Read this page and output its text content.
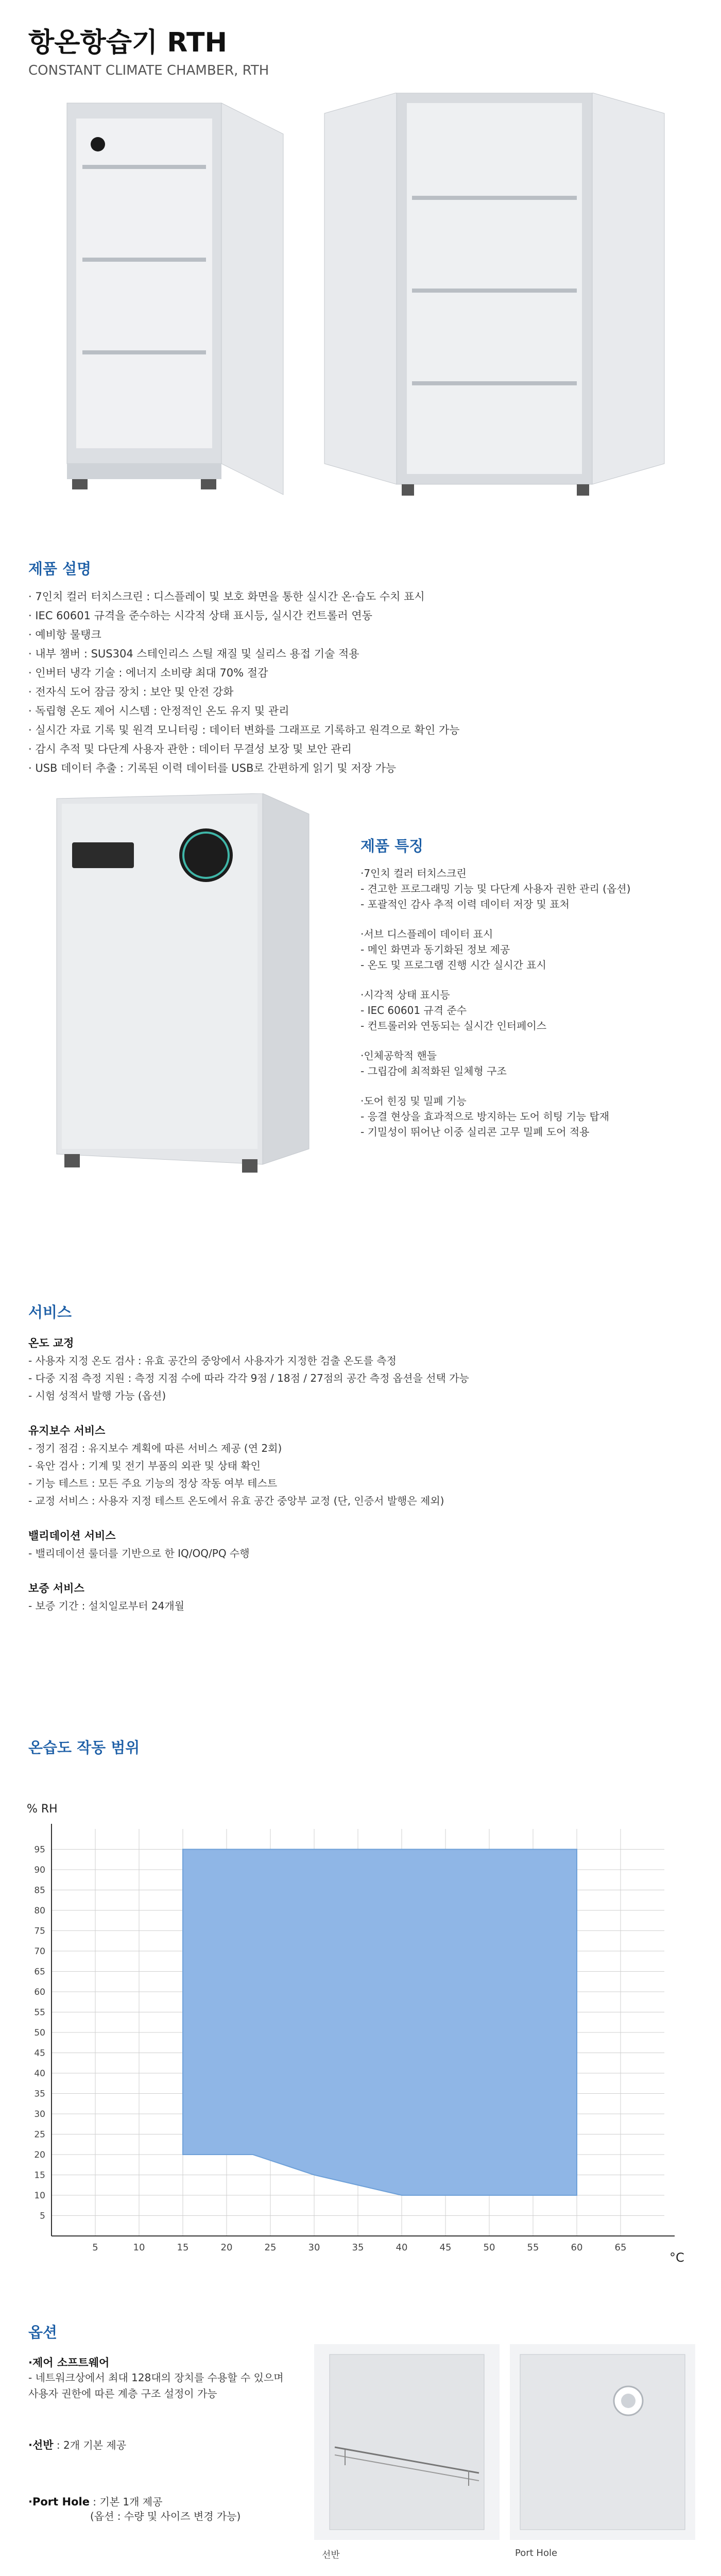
항온항습기 RTH
CONSTANT CLIMATE CHAMBER, RTH
제품 설명
· 7인치 컬러 터치스크린 : 디스플레이 및 보호 화면을 통한 실시간 온·습도 수치 표시
· IEC 60601 규격을 준수하는 시각적 상태 표시등, 실시간 컨트롤러 연동
· 예비항 물탱크
· 내부 챔버 : SUS304 스테인리스 스틸 재질 및 실리스 용접 기술 적용
· 인버터 냉각 기술 : 에너지 소비량 최대 70% 절감
· 전자식 도어 잠금 장치 : 보안 및 안전 강화
· 독립형 온도 제어 시스템 : 안정적인 온도 유지 및 관리
· 실시간 자료 기록 및 원격 모니터링 : 데이터 변화를 그래프로 기록하고 원격으로 확인 가능
· 감시 추적 및 다단계 사용자 관한 : 데이터 무결성 보장 및 보안 관리
· USB 데이터 추출 : 기록된 이력 데이터를 USB로 간편하게 읽기 및 저장 가능
제품 특징
·7인치 컬러 터치스크린
- 견고한 프로그래밍 기능 및 다단계 사용자 권한 관리 (옵션)
- 포괄적인 감사 추적 이력 데이터 저장 및 표처
·서브 디스플레이 데이터 표시
- 메인 화면과 동기화된 정보 제공
- 온도 및 프로그램 진행 시간 실시간 표시
·시각적 상태 표시등
- IEC 60601 규격 준수
- 컨트롤러와 연동되는 실시간 인터페이스
·인체공학적 핸들
- 그립감에 최적화된 일체형 구조
·도어 힌징 및 밀폐 기능
- 응결 현상을 효과적으로 방지하는 도어 히팅 기능 탑재
- 기밀성이 뛰어난 이중 실리콘 고무 밀폐 도어 적용
서비스
온도 교정
- 사용자 지정 온도 검사 : 유효 공간의 중앙에서 사용자가 지정한 검출 온도를 측정
- 다중 지점 측정 지원 : 측정 지점 수에 따라 각각 9점 / 18점 / 27점의 공간 측정 옵션을 선택 가능
- 시험 성적서 발행 가능 (옵션)
유지보수 서비스
- 정기 점검 : 유지보수 계획에 따른 서비스 제공 (연 2회)
- 육안 검사 : 기계 및 전기 부품의 외관 및 상태 확인
- 기능 테스트 : 모든 주요 기능의 정상 작동 여부 테스트
- 교정 서비스 : 사용자 지정 테스트 온도에서 유효 공간 중앙부 교정 (단, 인증서 발행은 제외)
밸리데이션 서비스
- 밸리데이션 룰더를 기반으로 한 IQ/OQ/PQ 수행
보증 서비스
- 보증 기간 : 설치일로부터 24개월
온습도 작동 범위
5	10	15	20	25	30	35	40	45	50	55	60	65
5
10
15
20
25
30
35
40
45
50
55
60
65
70
75
80
85
90
95
% RH
°C
옵션
·제어 소프트웨어
- 네트워크상에서 최대 128대의 장치를 수용할 수 있으며
사용자 권한에 따른 계층 구조 설정이 가능
·선반 : 2개 기본 제공
·Port Hole : 기본 1개 제공
(옵션 : 수량 및 사이즈 변경 가능)
선반	Port Hole
